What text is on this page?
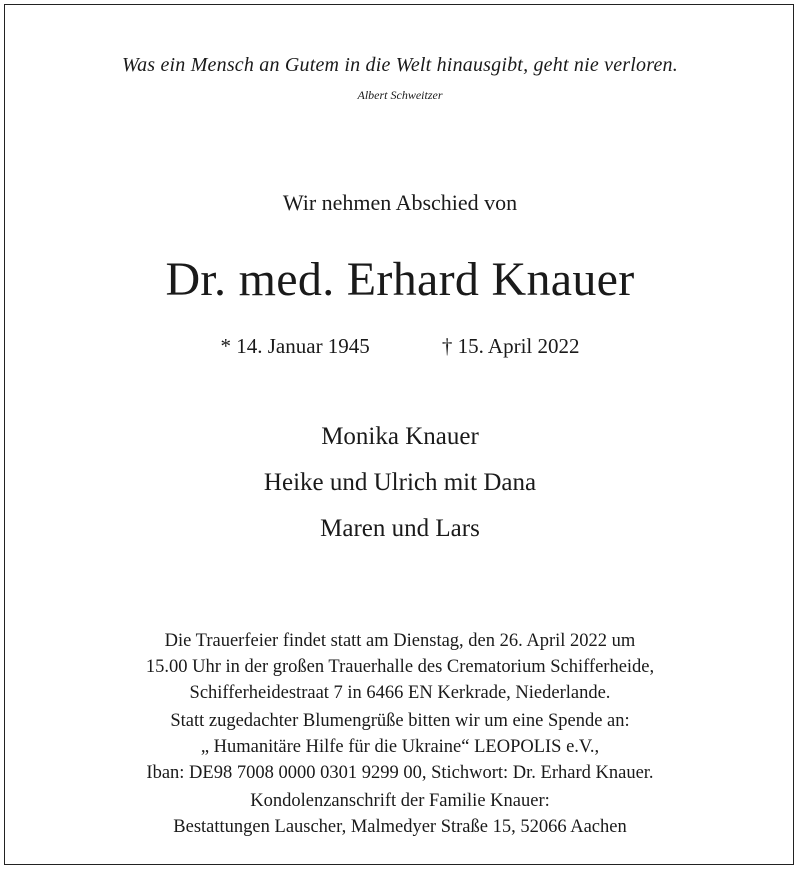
Was ein Mensch an Gutem in die Welt hinausgibt, geht nie verloren.
Albert Schweitzer
Wir nehmen Abschied von
Dr. med. Erhard Knauer
* 14. Januar 1945	† 15. April 2022
Monika Knauer
Heike und Ulrich mit Dana
Maren und Lars
Die Trauerfeier findet statt am Dienstag, den 26. April 2022 um
15.00 Uhr in der großen Trauerhalle des Crematorium Schifferheide,
Schifferheidestraat 7 in 6466 EN Kerkrade, Niederlande.
Statt zugedachter Blumengrüße bitten wir um eine Spende an:
„ Humanitäre Hilfe für die Ukraine“ LEOPOLIS e.V.,
Iban: DE98 7008 0000 0301 9299 00, Stichwort: Dr. Erhard Knauer.
Kondolenzanschrift der Familie Knauer:
Bestattungen Lauscher, Malmedyer Straße 15, 52066 Aachen
